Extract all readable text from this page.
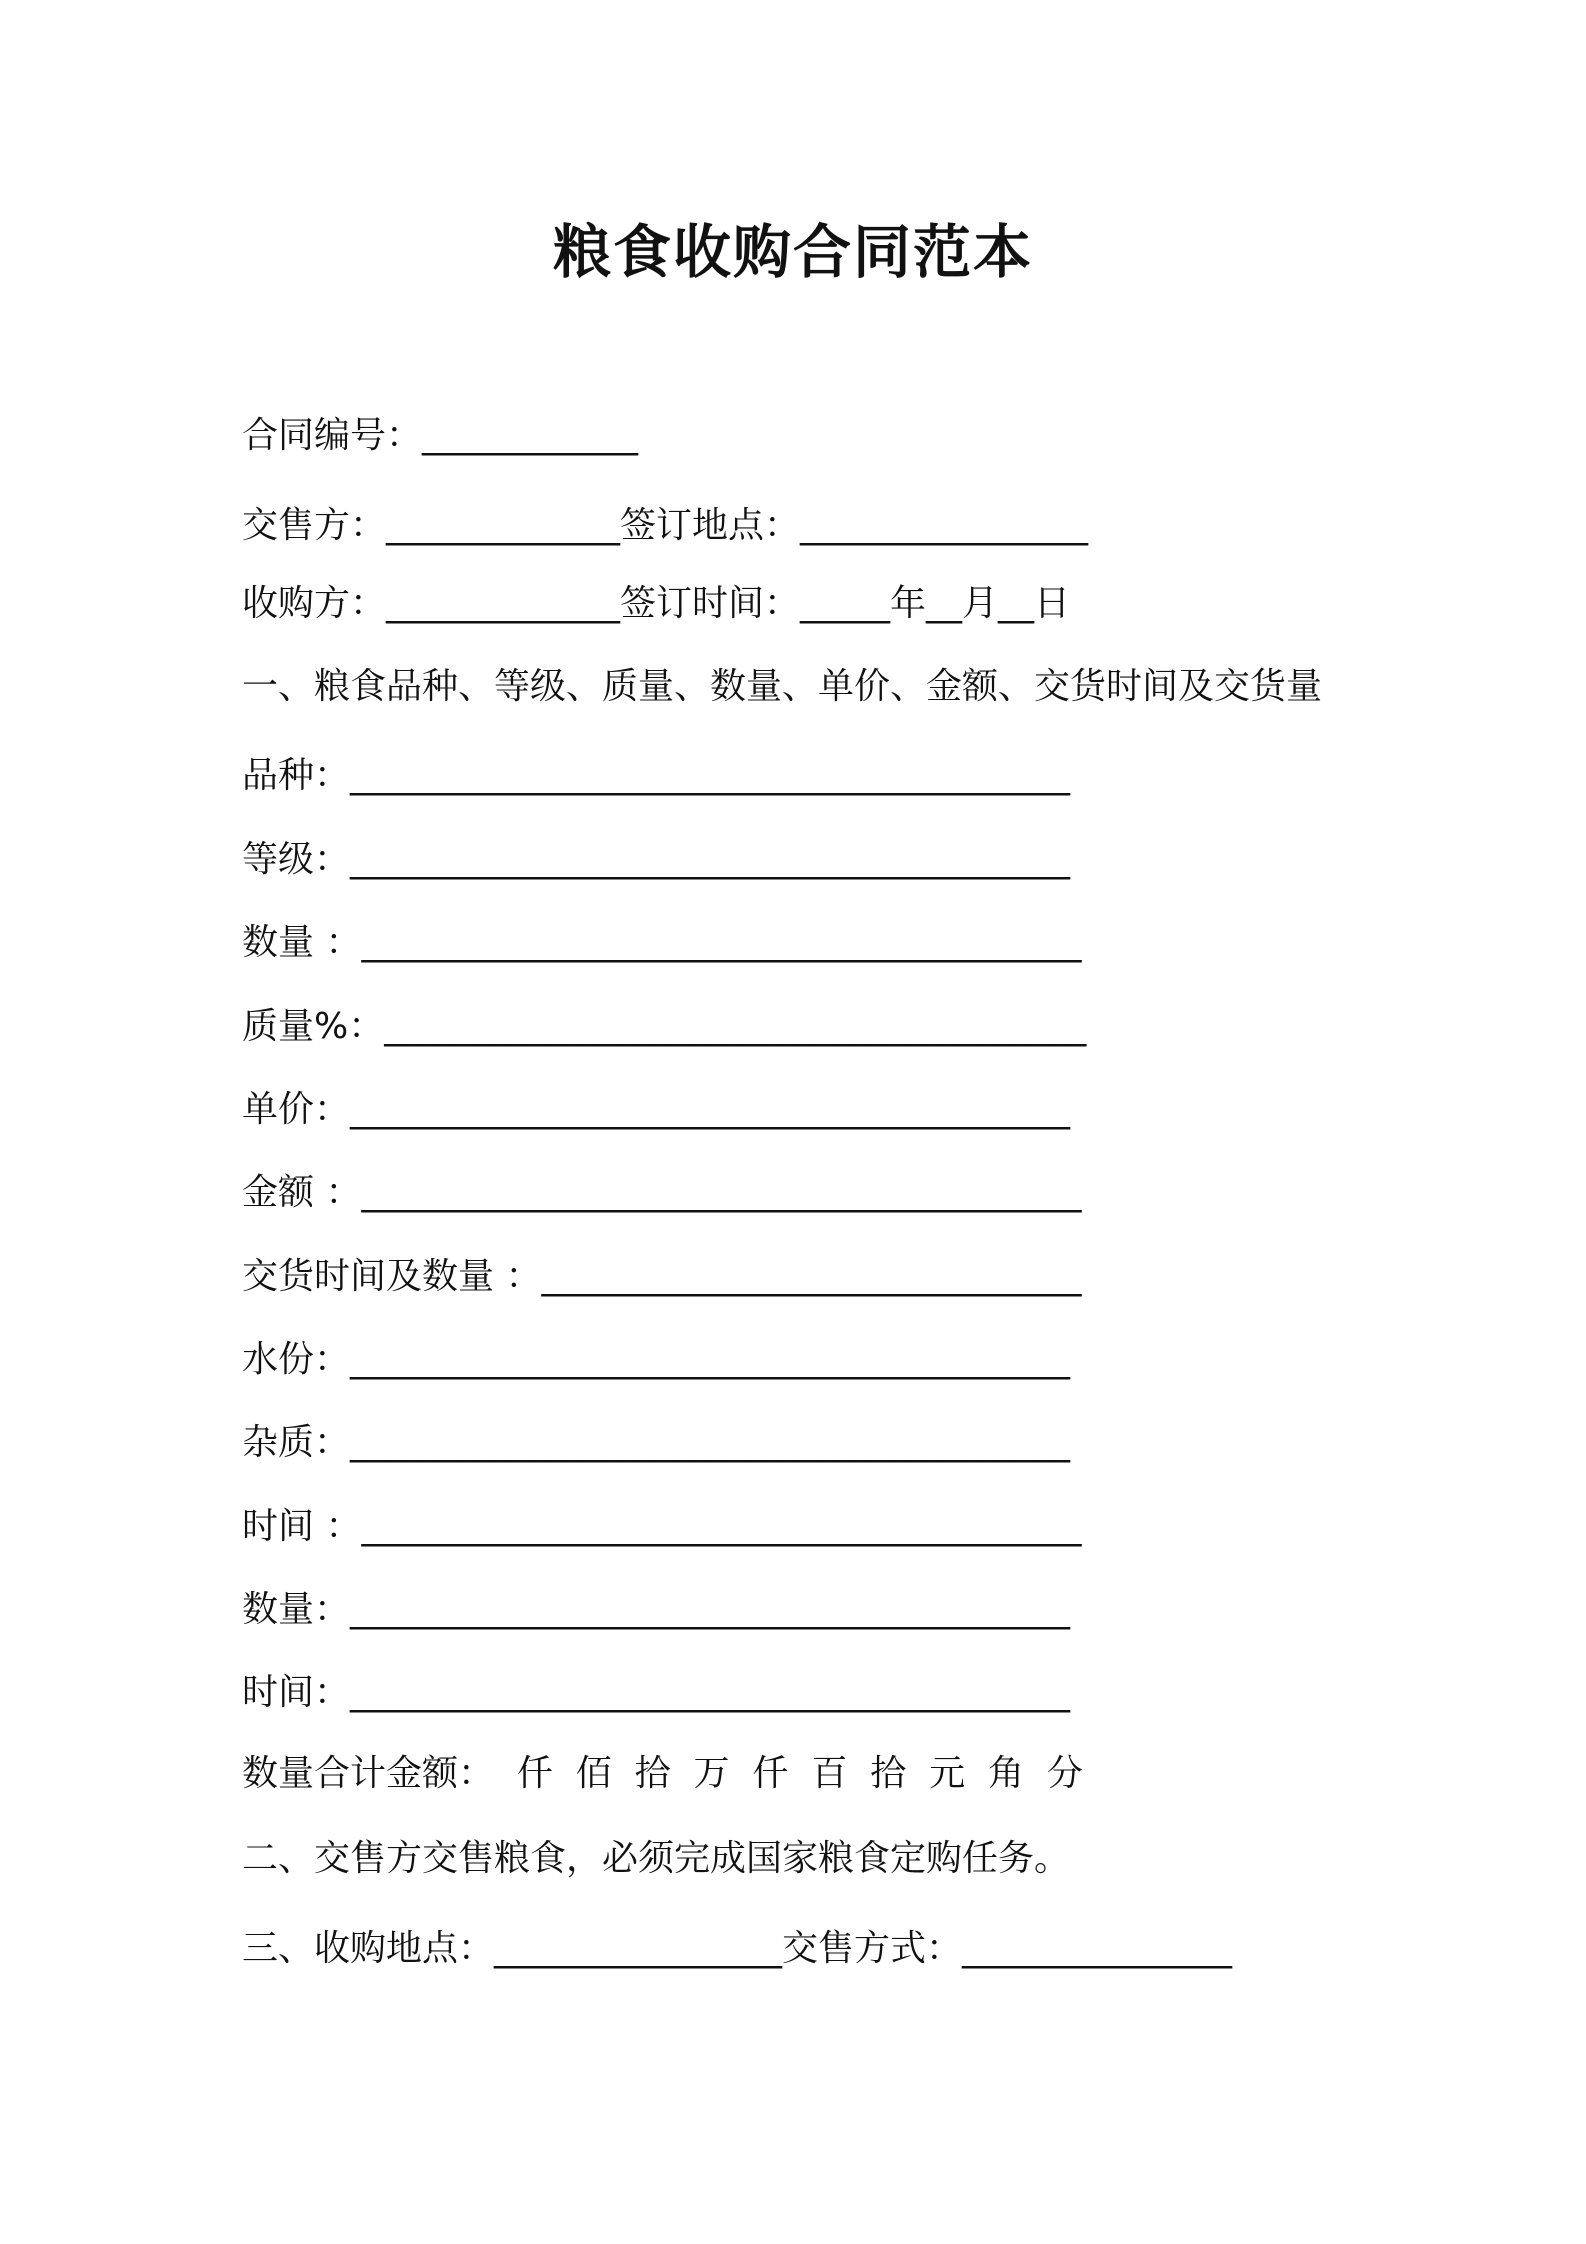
粮食收购合同范本
合同编号：____________
交售方：_____________签订地点：________________
收购方：_____________签订时间：_____年__月__日
一、粮食品种、等级、质量、数量、单价、金额、交货时间及交货量
品种：________________________________________
等级：________________________________________
数量 ：________________________________________
质量%：_______________________________________
单价：________________________________________
金额 ：________________________________________
交货时间及数量 ：______________________________
水份：________________________________________
杂质：________________________________________
时间 ：________________________________________
数量：________________________________________
时间：________________________________________
数量合计金额：  仟  佰  拾  万  仟  百  拾  元  角  分
二、交售方交售粮食，必须完成国家粮食定购任务。
三、收购地点：________________交售方式：_______________
